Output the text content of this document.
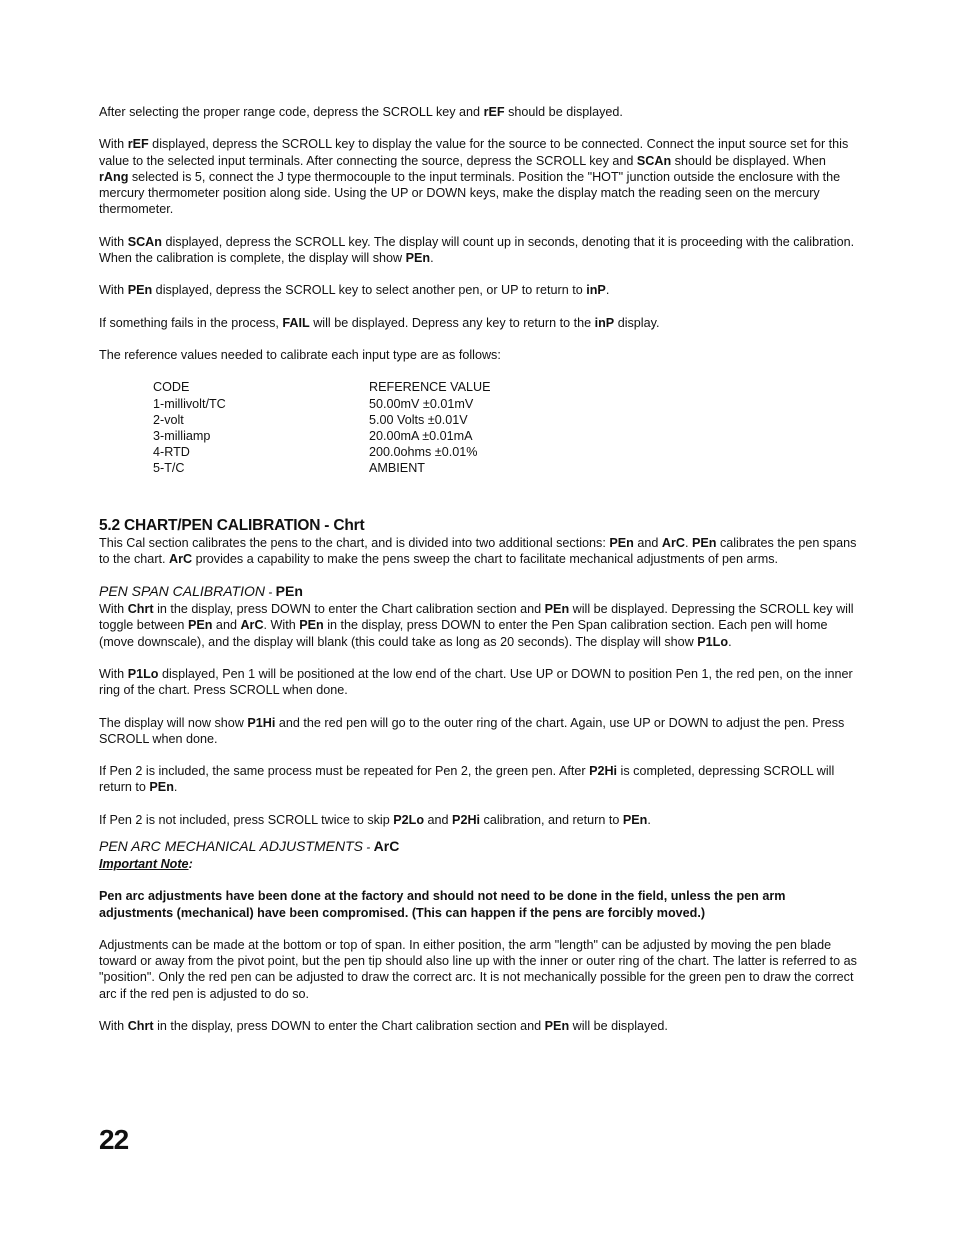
After selecting the proper range code, depress the SCROLL key and rEF should be displayed.

With rEF displayed, depress the SCROLL key to display the value for the source to be connected. Connect the input source set for this value to the selected input terminals. After connecting the source, depress the SCROLL key and SCAn should be displayed. When rAng selected is 5, connect the J type thermocouple to the input terminals. Position the "HOT" junction outside the enclosure with the mercury thermometer position along side. Using the UP or DOWN keys, make the display match the reading seen on the mercury thermometer.

With SCAn displayed, depress the SCROLL key. The display will count up in seconds, denoting that it is proceeding with the calibration. When the calibration is complete, the display will show PEn.

With PEn displayed, depress the SCROLL key to select another pen, or UP to return to inP.

If something fails in the process, FAIL will be displayed. Depress any key to return to the inP display.

The reference values needed to calibrate each input type are as follows:

CODE	REFERENCE VALUE
1-millivolt/TC	50.00mV ±0.01mV
2-volt	5.00 Volts ±0.01V
3-milliamp	20.00mA ±0.01mA
4-RTD	200.0ohms ±0.01%
5-T/C	AMBIENT
5.2 CHART/PEN CALIBRATION - Chrt

This Cal section calibrates the pens to the chart, and is divided into two additional sections: PEn and ArC. PEn calibrates the pen spans to the chart. ArC provides a capability to make the pens sweep the chart to facilitate mechanical adjustments of pen arms.

PEN SPAN CALIBRATION - PEn

With Chrt in the display, press DOWN to enter the Chart calibration section and PEn will be displayed. Depressing the SCROLL key will toggle between PEn and ArC. With PEn in the display, press DOWN to enter the Pen Span calibration section. Each pen will home (move downscale), and the display will blank (this could take as long as 20 seconds). The display will show P1Lo.

With P1Lo displayed, Pen 1 will be positioned at the low end of the chart. Use UP or DOWN to position Pen 1, the red pen, on the inner ring of the chart. Press SCROLL when done.

The display will now show P1Hi and the red pen will go to the outer ring of the chart. Again, use UP or DOWN to adjust the pen. Press SCROLL when done.

If Pen 2 is included, the same process must be repeated for Pen 2, the green pen. After P2Hi is completed, depressing SCROLL will return to PEn.

If Pen 2 is not included, press SCROLL twice to skip P2Lo and P2Hi calibration, and return to PEn.

PEN ARC MECHANICAL ADJUSTMENTS - ArC

Important Note:

Pen arc adjustments have been done at the factory and should not need to be done in the field, unless the pen arm adjustments (mechanical) have been compromised. (This can happen if the pens are forcibly moved.)

Adjustments can be made at the bottom or top of span. In either position, the arm "length" can be adjusted by moving the pen blade toward or away from the pivot point, but the pen tip should also line up with the inner or outer ring of the chart. The latter is referred to as "position". Only the red pen can be adjusted to draw the correct arc. It is not mechanically possible for the green pen to draw the correct arc if the red pen is adjusted to do so.

With Chrt in the display, press DOWN to enter the Chart calibration section and PEn will be displayed.

22
